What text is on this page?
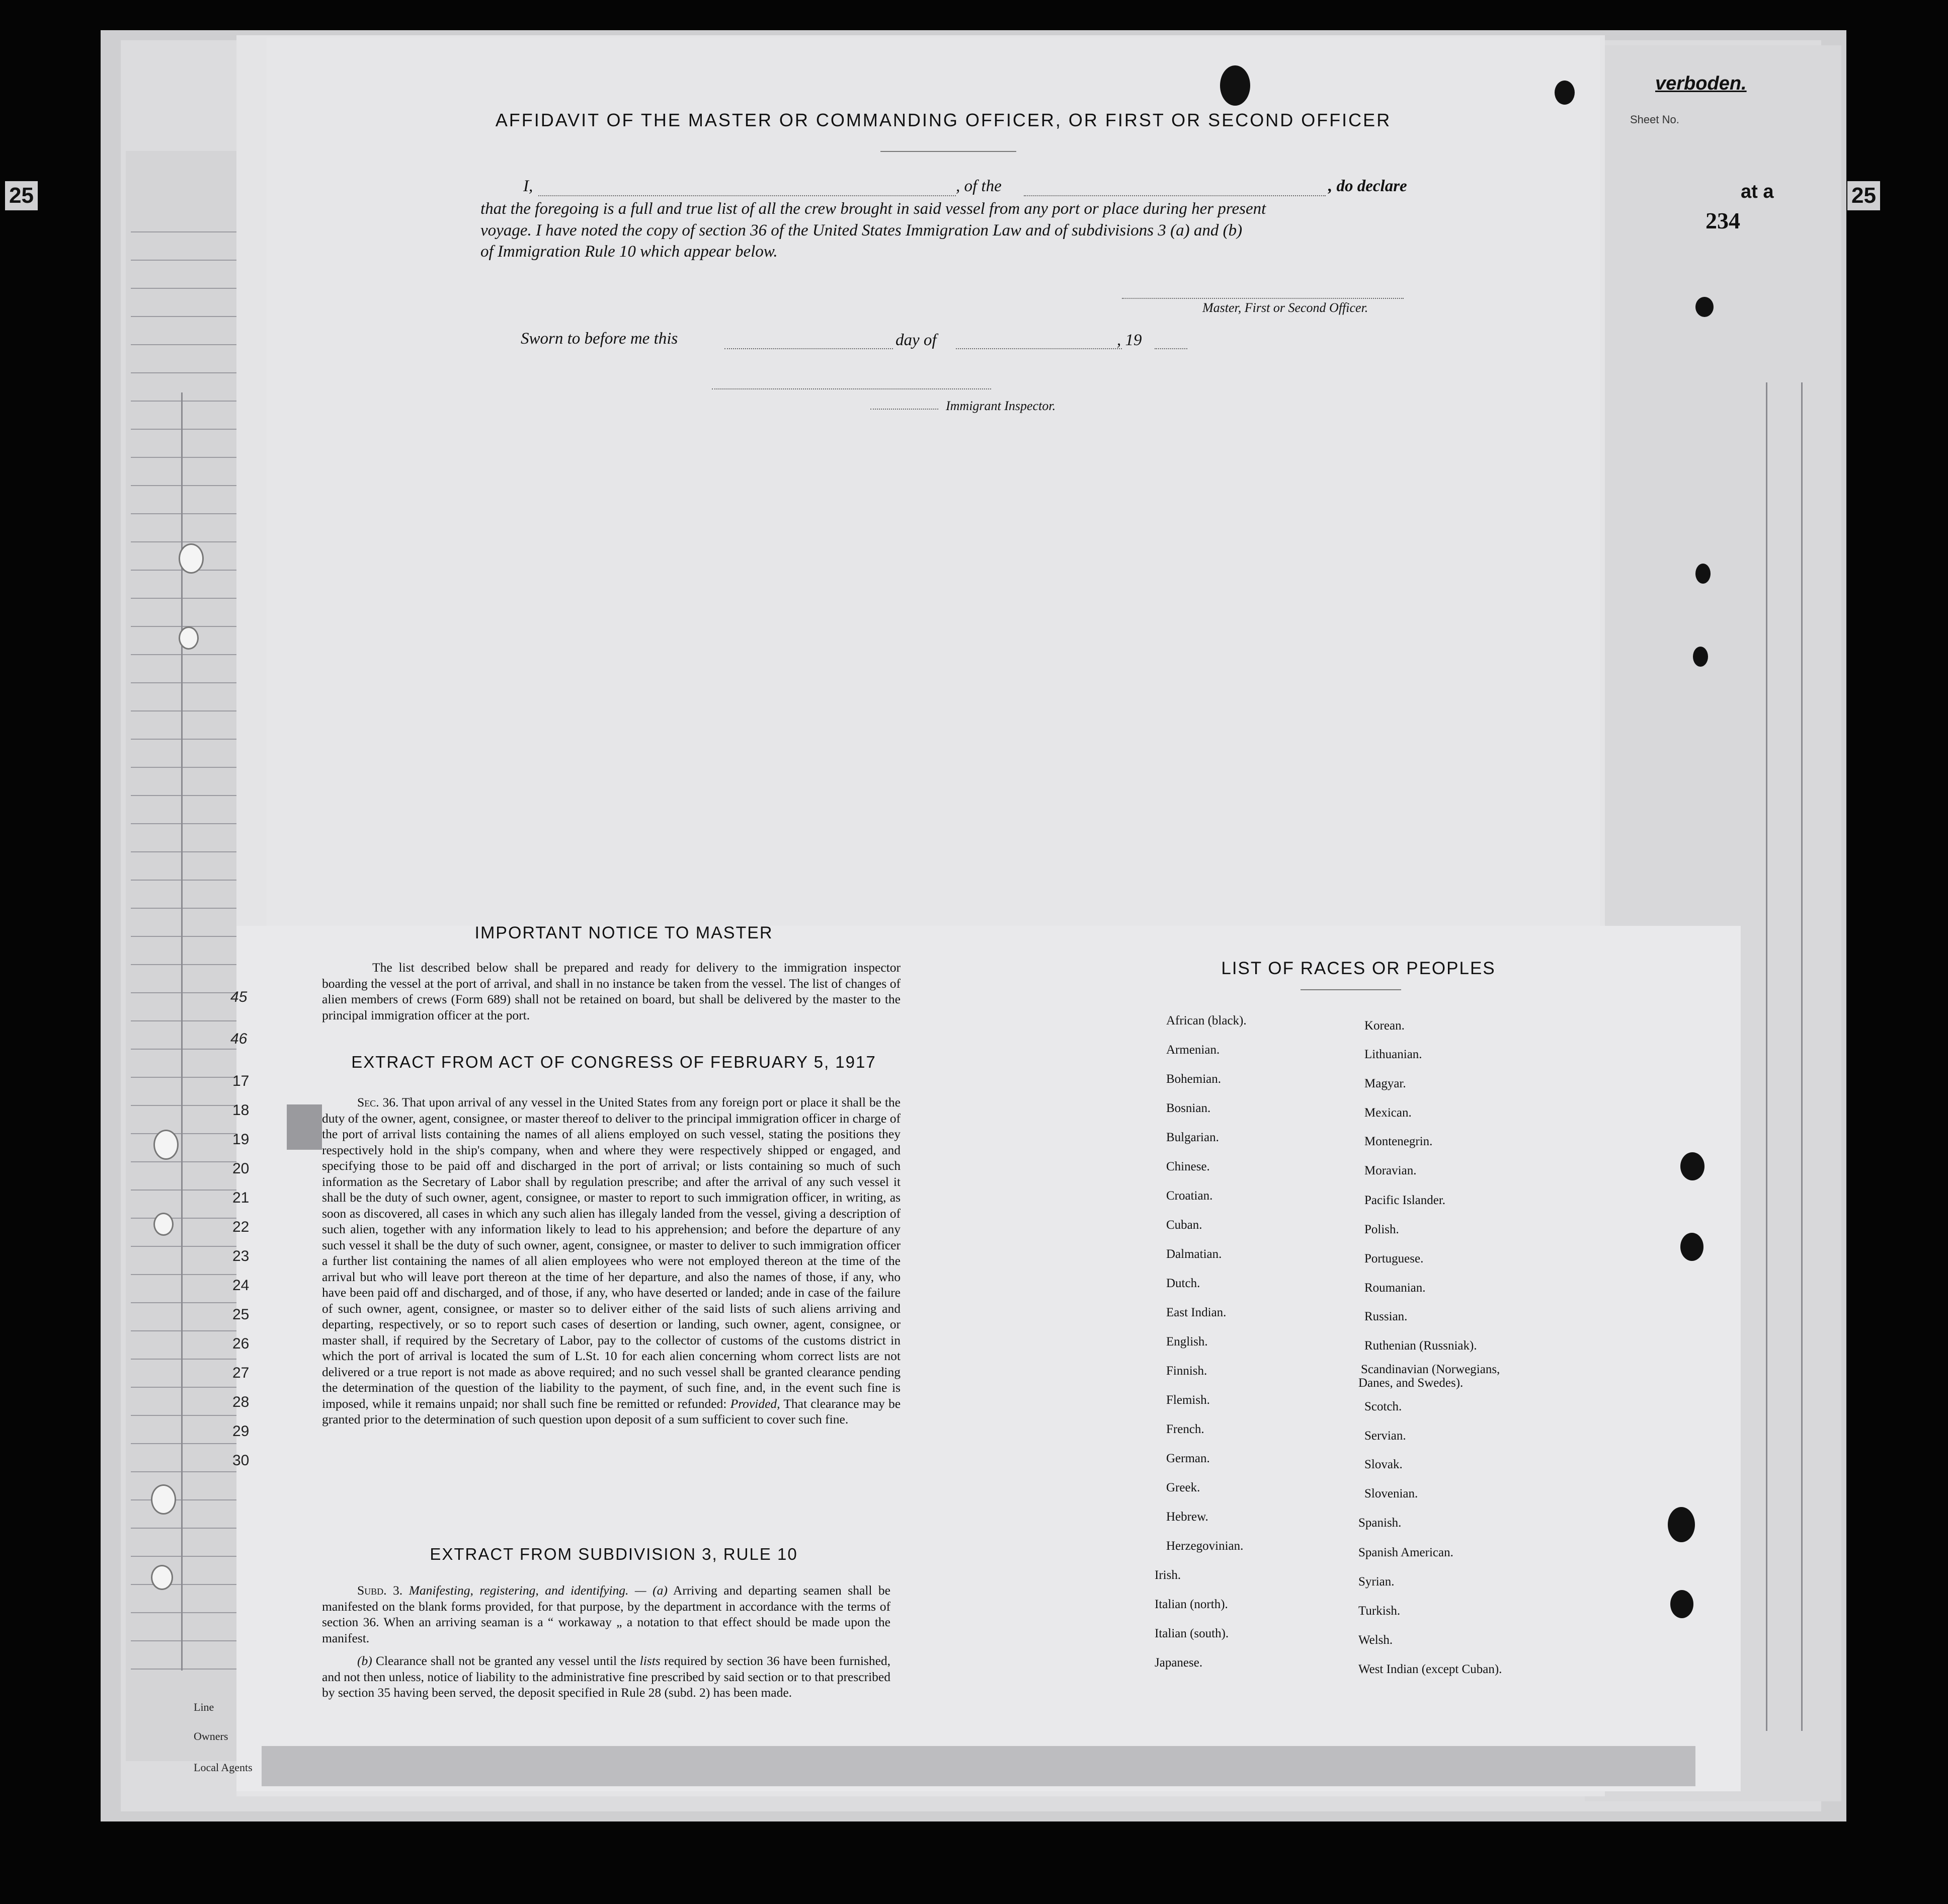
25	25
verboden.
Sheet No.
at a
234
17
18
19
20
21
22
23
24
25
26
27
28
29
30
45
46
Line
Owners
Local Agents
AFFIDAVIT OF THE MASTER OR COMMANDING OFFICER, OR FIRST OR SECOND OFFICER
I,	, of the	, do declare
that the foregoing is a full and true list of all the crew brought in said vessel from any port or place during her present
voyage. I have noted the copy of section 36 of the United States Immigration Law and of subdivisions 3 (a) and (b)
of Immigration Rule 10 which appear below.
Master, First or Second Officer.
Sworn to before me this	day of	, 19
Immigrant Inspector.
IMPORTANT NOTICE TO MASTER
The list described below shall be prepared and ready for delivery to the immigration inspector boarding the vessel at the port of arrival, and shall in no instance be taken from the vessel. The list of changes of alien members of crews (Form 689) shall not be retained on board, but shall be delivered by the master to the principal immigration officer at the port.
EXTRACT FROM ACT OF CONGRESS OF FEBRUARY 5, 1917
Sec. 36. That upon arrival of any vessel in the United States from any foreign port or place it shall be the duty of the owner, agent, consignee, or master thereof to deliver to the principal immigration officer in charge of the port of arrival lists containing the names of all aliens employed on such vessel, stating the positions they respectively hold in the ship's company, when and where they were respectively shipped or engaged, and specifying those to be paid off and discharged in the port of arrival; or lists containing so much of such information as the Secretary of Labor shall by regulation prescribe; and after the arrival of any such vessel it shall be the duty of such owner, agent, consignee, or master to report to such immigration officer, in writing, as soon as discovered, all cases in which any such alien has illegaly landed from the vessel, giving a description of such alien, together with any information likely to lead to his apprehension; and before the departure of any such vessel it shall be the duty of such owner, agent, consignee, or master to deliver to such immigration officer a further list containing the names of all alien employees who were not employed thereon at the time of the arrival but who will leave port thereon at the time of her departure, and also the names of those, if any, who have been paid off and discharged, and of those, if any, who have deserted or landed; ande in case of the failure of such owner, agent, consignee, or master so to deliver either of the said lists of such aliens arriving and departing, respectively, or so to report such cases of desertion or landing, such owner, agent, consignee, or master shall, if required by the Secretary of Labor, pay to the collector of customs of the customs district in which the port of arrival is located the sum of L.St. 10 for each alien concerning whom correct lists are not delivered or a true report is not made as above required; and no such vessel shall be granted clearance pending the determination of the question of the liability to the payment, of such fine, and, in the event such fine is imposed, while it remains unpaid; nor shall such fine be remitted or refunded: Provided, That clearance may be granted prior to the determination of such question upon deposit of a sum sufficient to cover such fine.
EXTRACT FROM SUBDIVISION 3, RULE 10
Subd. 3. Manifesting, registering, and identifying. — (a) Arriving and departing seamen shall be manifested on the blank forms provided, for that purpose, by the department in accordance with the terms of section 36. When an arriving seaman is a “ workaway „ a notation to that effect should be made upon the manifest.
(b) Clearance shall not be granted any vessel until the lists required by section 36 have been furnished, and not then unless, notice of liability to the administrative fine prescribed by said section or to that prescribed by section 35 having been served, the deposit specified in Rule 28 (subd. 2) has been made.
LIST OF RACES OR PEOPLES
African (black).
Armenian.
Bohemian.
Bosnian.
Bulgarian.
Chinese.
Croatian.
Cuban.
Dalmatian.
Dutch.
East Indian.
English.
Finnish.
Flemish.
French.
German.
Greek.
Hebrew.
Herzegovinian.
Irish.
Italian (north).
Italian (south).
Japanese.
Korean.
Lithuanian.
Magyar.
Mexican.
Montenegrin.
Moravian.
Pacific Islander.
Polish.
Portuguese.
Roumanian.
Russian.
Ruthenian (Russniak).
Scandinavian (Norwegians,
Danes, and Swedes).
Scotch.
Servian.
Slovak.
Slovenian.
Spanish.
Spanish American.
Syrian.
Turkish.
Welsh.
West Indian (except Cuban).
